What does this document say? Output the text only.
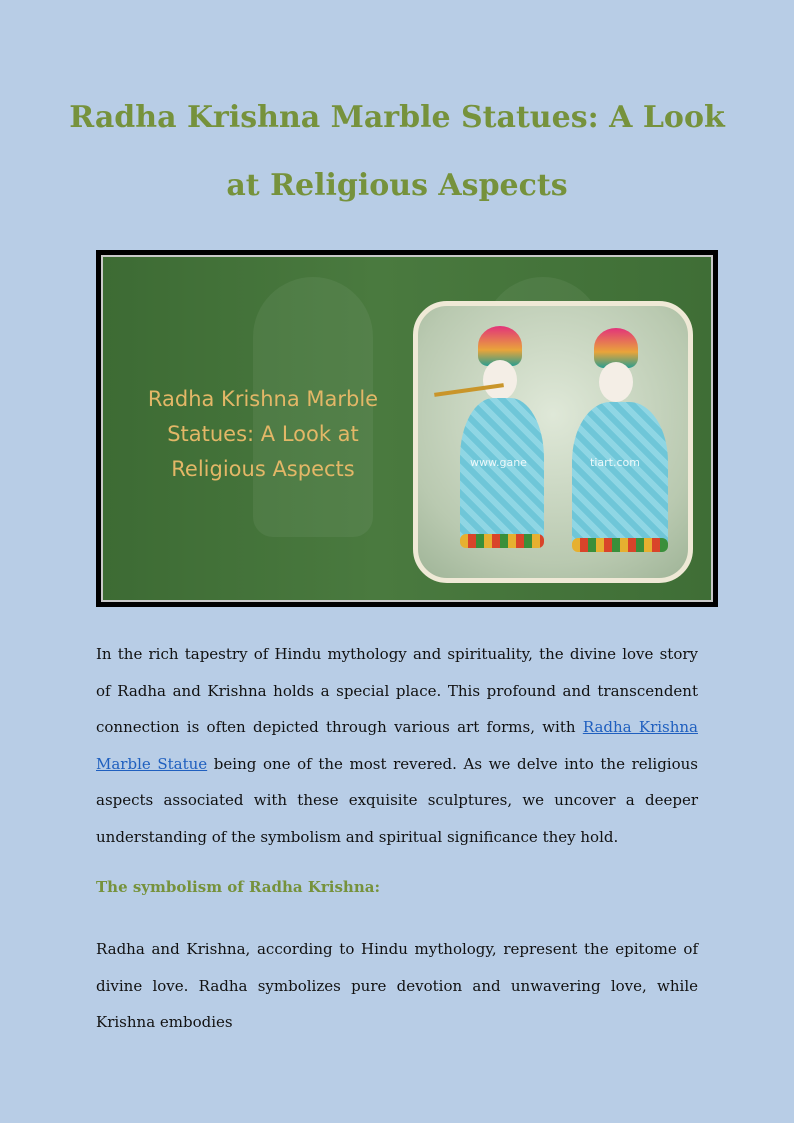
Radha Krishna Marble Statues: A Look
at Religious Aspects
Radha Krishna Marble
Statues: A Look at
Religious Aspects	www.gane	tiart.com

In the rich tapestry of Hindu mythology and spirituality, the divine love story of Radha and Krishna holds a special place. This profound and transcendent connection is often depicted through various art forms, with Radha Krishna Marble Statue being one of the most revered. As we delve into the religious aspects associated with these exquisite sculptures, we uncover a deeper understanding of the symbolism and spiritual significance they hold.

The symbolism of Radha Krishna:

Radha and Krishna, according to Hindu mythology, represent the epitome of divine love. Radha symbolizes pure devotion and unwavering love, while Krishna embodies
